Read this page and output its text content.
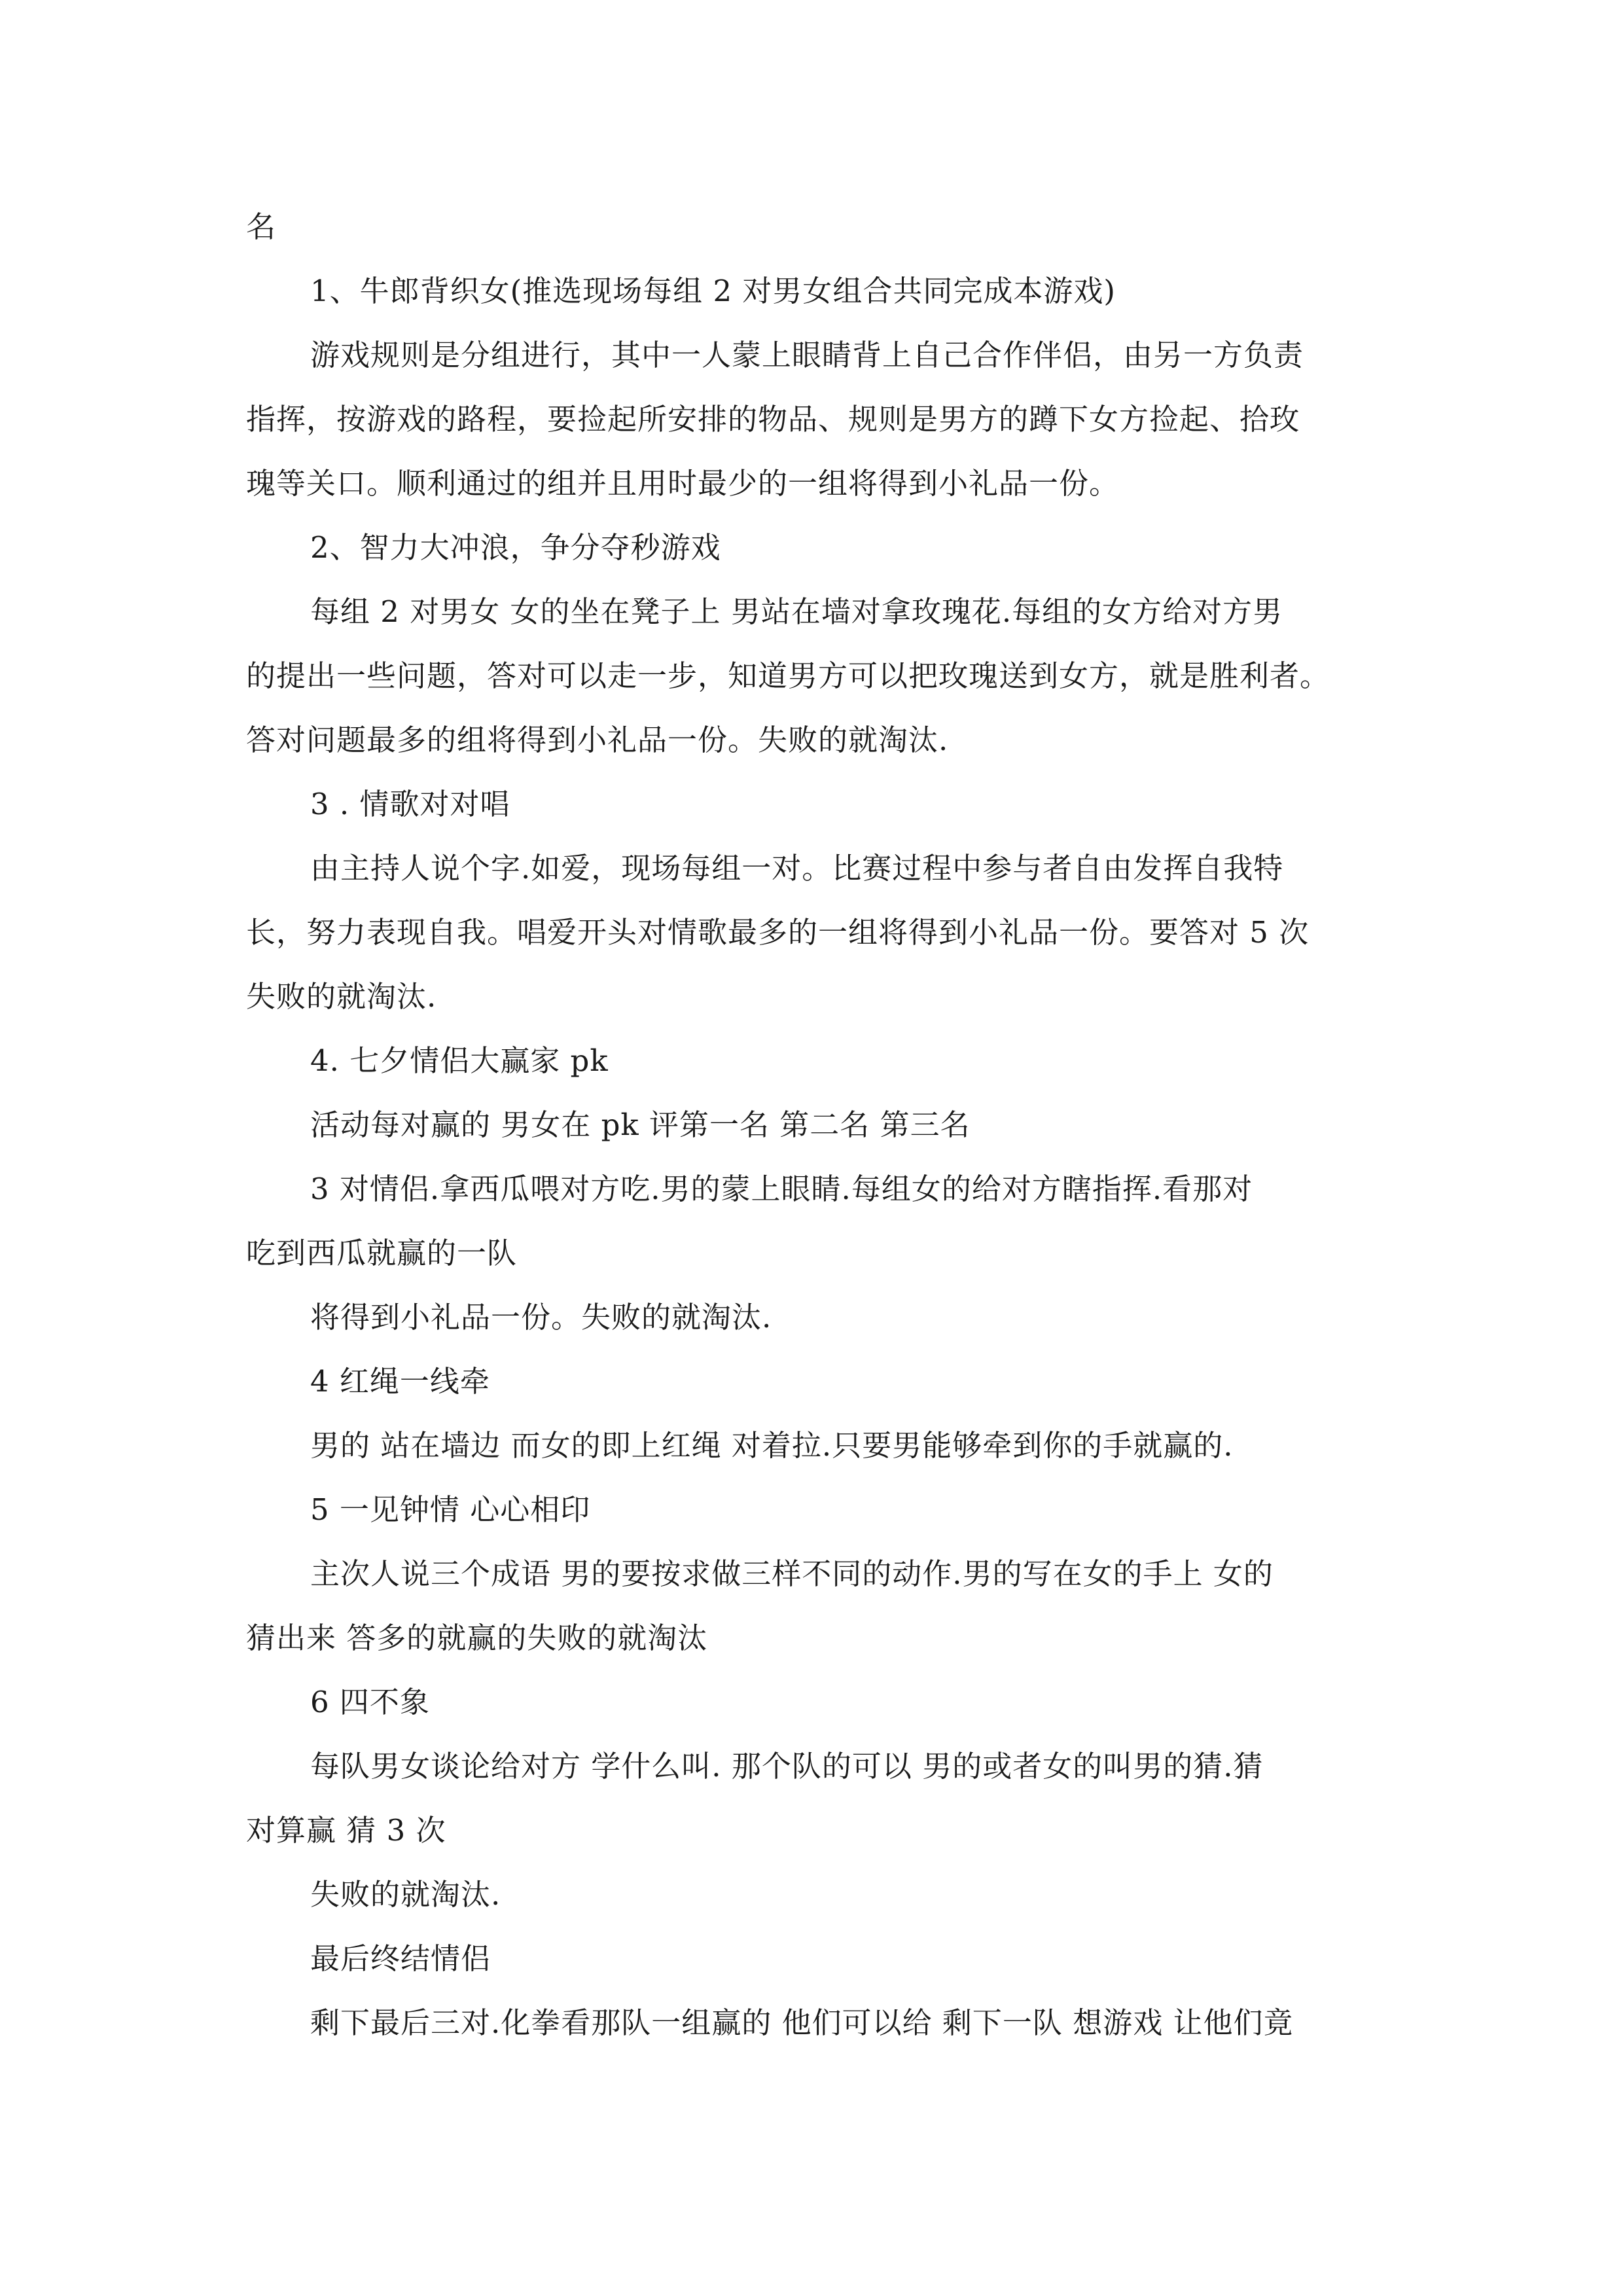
名

1、牛郎背织女(推选现场每组 2 对男女组合共同完成本游戏)

游戏规则是分组进行，其中一人蒙上眼睛背上自己合作伴侣，由另一方负责

指挥，按游戏的路程，要捡起所安排的物品、规则是男方的蹲下女方捡起、拾玫

瑰等关口。顺利通过的组并且用时最少的一组将得到小礼品一份。

2、智力大冲浪，争分夺秒游戏

每组 2 对男女 女的坐在凳子上 男站在墙对拿玫瑰花.每组的女方给对方男

的提出一些问题，答对可以走一步，知道男方可以把玫瑰送到女方，就是胜利者。

答对问题最多的组将得到小礼品一份。失败的就淘汰.

3 . 情歌对对唱

由主持人说个字.如爱，现场每组一对。比赛过程中参与者自由发挥自我特

长，努力表现自我。唱爱开头对情歌最多的一组将得到小礼品一份。要答对 5 次

失败的就淘汰.

4. 七夕情侣大赢家 pk

活动每对赢的 男女在 pk 评第一名 第二名 第三名

3 对情侣.拿西瓜喂对方吃.男的蒙上眼睛.每组女的给对方瞎指挥.看那对

吃到西瓜就赢的一队

将得到小礼品一份。失败的就淘汰.

4 红绳一线牵

男的 站在墙边 而女的即上红绳 对着拉.只要男能够牵到你的手就赢的.

5 一见钟情 心心相印

主次人说三个成语 男的要按求做三样不同的动作.男的写在女的手上 女的

猜出来 答多的就赢的失败的就淘汰

6 四不象

每队男女谈论给对方 学什么叫. 那个队的可以 男的或者女的叫男的猜.猜

对算赢 猜 3 次

失败的就淘汰.

最后终结情侣

剩下最后三对.化拳看那队一组赢的 他们可以给 剩下一队 想游戏 让他们竟
